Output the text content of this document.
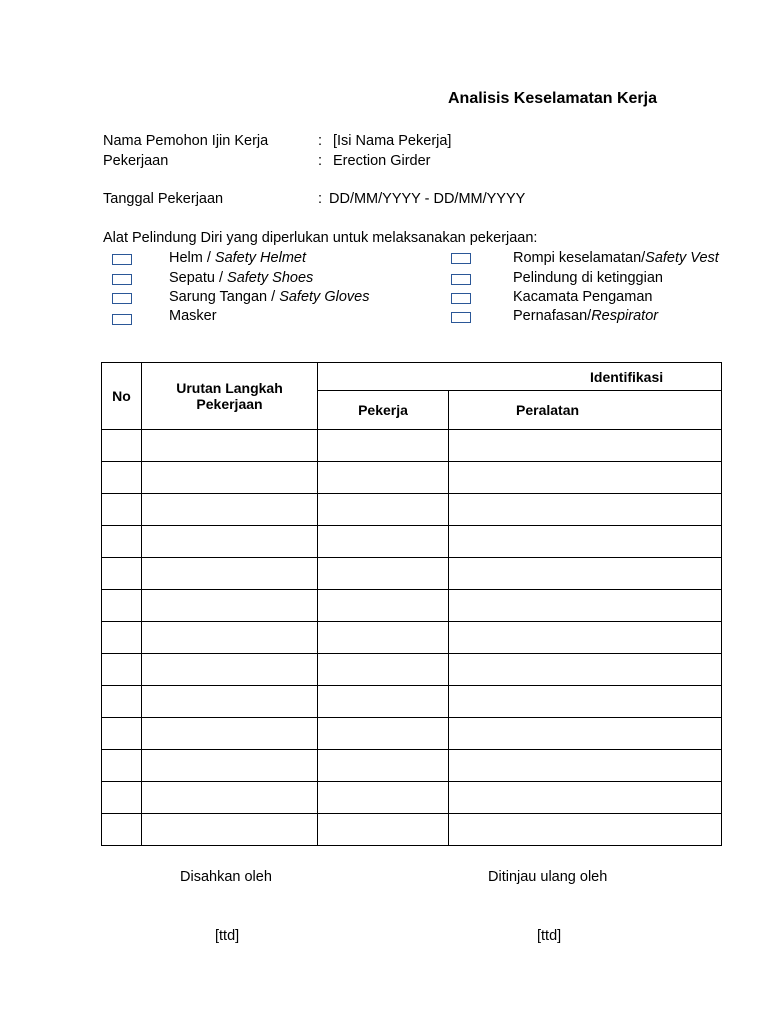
Analisis Keselamatan Kerja
Nama Pemohon Ijin Kerja	: [Isi Nama Pekerja]
Pekerjaan	: Erection Girder
Tanggal Pekerjaan	: DD/MM/YYYY - DD/MM/YYYY
Alat Pelindung Diri yang diperlukan untuk melaksanakan pekerjaan:
Helm / Safety Helmet
Sepatu / Safety Shoes
Sarung Tangan / Safety Gloves
Masker
Rompi keselamatan/Safety Vest
Pelindung di ketinggian
Kacamata Pengaman
Pernafasan/Respirator
No	Urutan Langkah Pekerjaan	Identifikasi	
		Pekerja	Peralatan

Disahkan oleh	Ditinjau ulang oleh
[ttd]	[ttd]
